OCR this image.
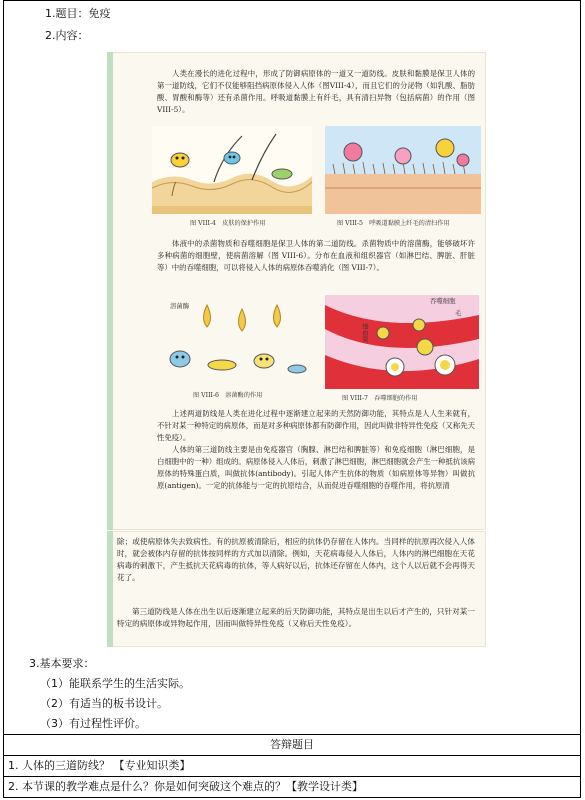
1.题目：免疫
2.内容：
人类在漫长的进化过程中，形成了防御病原体的一道又一道防线。皮肤和黏膜是保卫人体的第一道防线，它们不仅能够阻挡病原体侵入人体（图VIII-4），而且它们的分泌物（如乳酸、脂肪酸、胃酸和酶等）还有杀菌作用。呼吸道黏膜上有纤毛，具有清扫异物（包括病菌）的作用（图 VIII-5）。
图 VIII-4　皮肤的保护作用	图 VIII-5　呼吸道黏膜上纤毛的清扫作用
体液中的杀菌物质和吞噬细胞是保卫人体的第二道防线。杀菌物质中的溶菌酶，能够破坏许多种病菌的细胞壁，使病菌溶解（图 VIII-6）。分布在血液和组织器官（如淋巴结、脾脏、肝脏等）中的吞噬细胞，可以将侵入人体的病原体吞噬消化（图 VIII-7）。
溶菌酶
图 VIII-6　溶菌酶的作用
吞噬细胞
毛
细血管
图 VIII-7　吞噬细胞的作用
上述两道防线是人类在进化过程中逐渐建立起来的天然防御功能，其特点是人人生来就有，不针对某一种特定的病原体，而是对多种病原体都有防御作用，因此叫做非特异性免疫（又称先天性免疫）。
人体的第三道防线主要是由免疫器官（胸腺、淋巴结和脾脏等）和免疫细胞（淋巴细胞，是白细胞中的一种）组成的。病原体侵入人体后，刺激了淋巴细胞，淋巴细胞就会产生一种抵抗该病原体的特殊蛋白质，叫做抗体(antibody)。引起人体产生抗体的物质（如病原体等异物）叫做抗原(antigen)。一定的抗体能与一定的抗原结合，从而促进吞噬细胞的吞噬作用，将抗原清
除；或使病原体失去致病性。有的抗原被清除后，相应的抗体仍存留在人体内。当同样的抗原再次侵入人体时，就会被体内存留的抗体按同样的方式加以清除。例如，天花病毒侵入人体后，人体内的淋巴细胞在天花病毒的刺激下，产生抵抗天花病毒的抗体，等人病好以后，抗体还存留在人体内，这个人以后就不会再得天花了。
第三道防线是人体在出生以后逐渐建立起来的后天防御功能，其特点是出生以后才产生的，只针对某一特定的病原体或异物起作用，因而叫做特异性免疫（又称后天性免疫）。
3.基本要求：
（1）能联系学生的生活实际。
（2）有适当的板书设计。
（3）有过程性评价。
答辩题目
1. 人体的三道防线？ 【专业知识类】
2. 本节课的教学难点是什么？你是如何突破这个难点的？【教学设计类】
